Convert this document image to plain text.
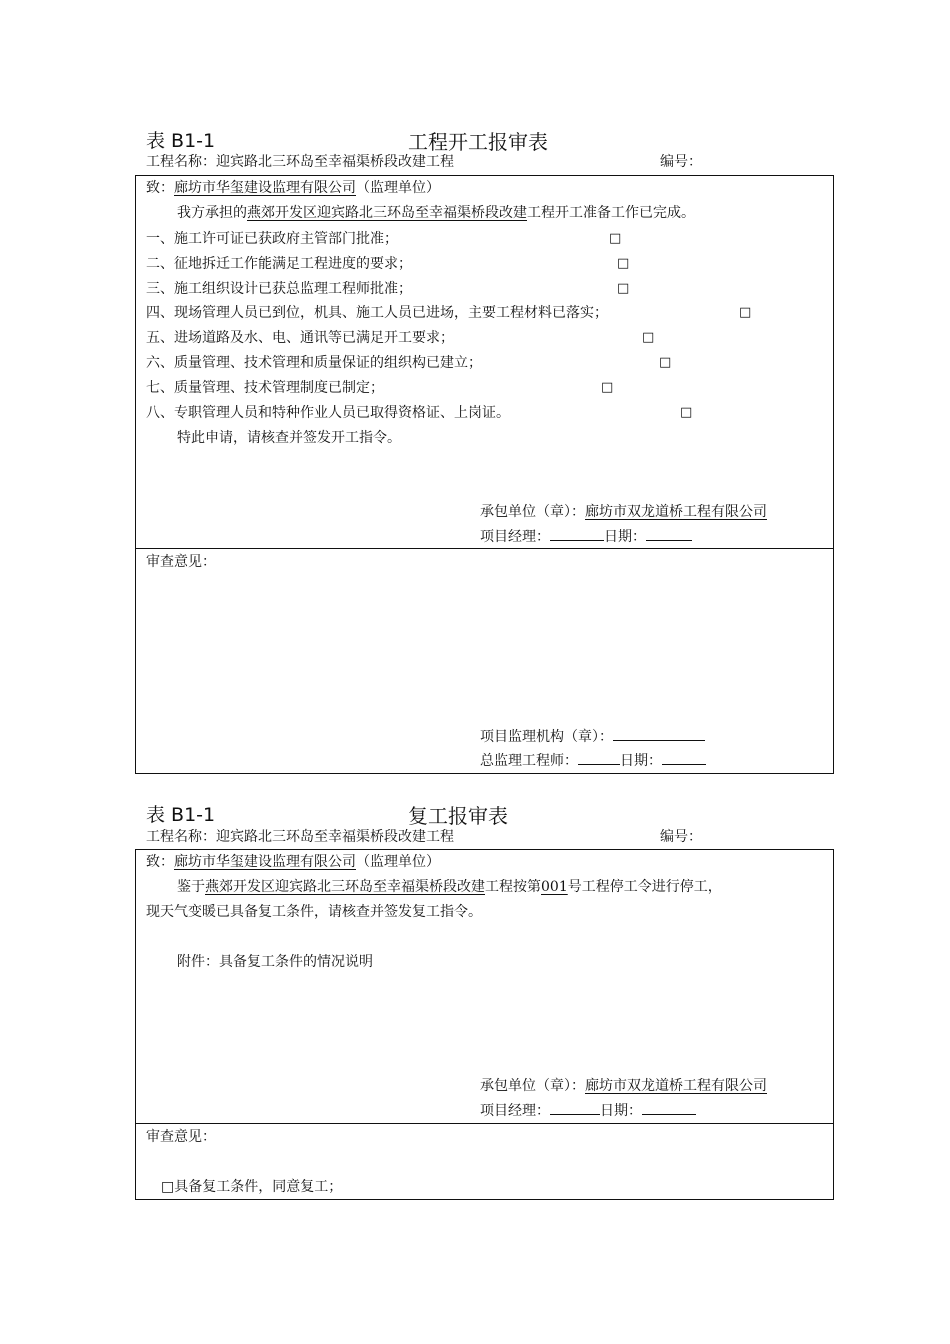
表 B1-1	工程开工报审表
工程名称：迎宾路北三环岛至幸福渠桥段改建工程	编号：
致：廊坊市华玺建设监理有限公司（监理单位）
我方承担的燕郊开发区迎宾路北三环岛至幸福渠桥段改建工程开工准备工作已完成。
一、施工许可证已获政府主管部门批准；	□
二、征地拆迁工作能满足工程进度的要求；	□
三、施工组织设计已获总监理工程师批准；	□
四、现场管理人员已到位，机具、施工人员已进场，主要工程材料已落实；	□
五、进场道路及水、电、通讯等已满足开工要求；	□
六、质量管理、技术管理和质量保证的组织构已建立；	□
七、质量管理、技术管理制度已制定；	□
八、专职管理人员和特种作业人员已取得资格证、上岗证。	□
特此申请，请核查并签发开工指令。
承包单位（章）：廊坊市双龙道桥工程有限公司
项目经理：	日期：
审查意见：
项目监理机构（章）：
总监理工程师：	日期：
表 B1-1	复工报审表
工程名称：迎宾路北三环岛至幸福渠桥段改建工程	编号：
致：廊坊市华玺建设监理有限公司（监理单位）
鉴于燕郊开发区迎宾路北三环岛至幸福渠桥段改建工程按第001号工程停工令进行停工，
现天气变暖已具备复工条件，请核查并签发复工指令。
附件：具备复工条件的情况说明
承包单位（章）：廊坊市双龙道桥工程有限公司
项目经理：	日期：
审查意见：
□具备复工条件，同意复工；
